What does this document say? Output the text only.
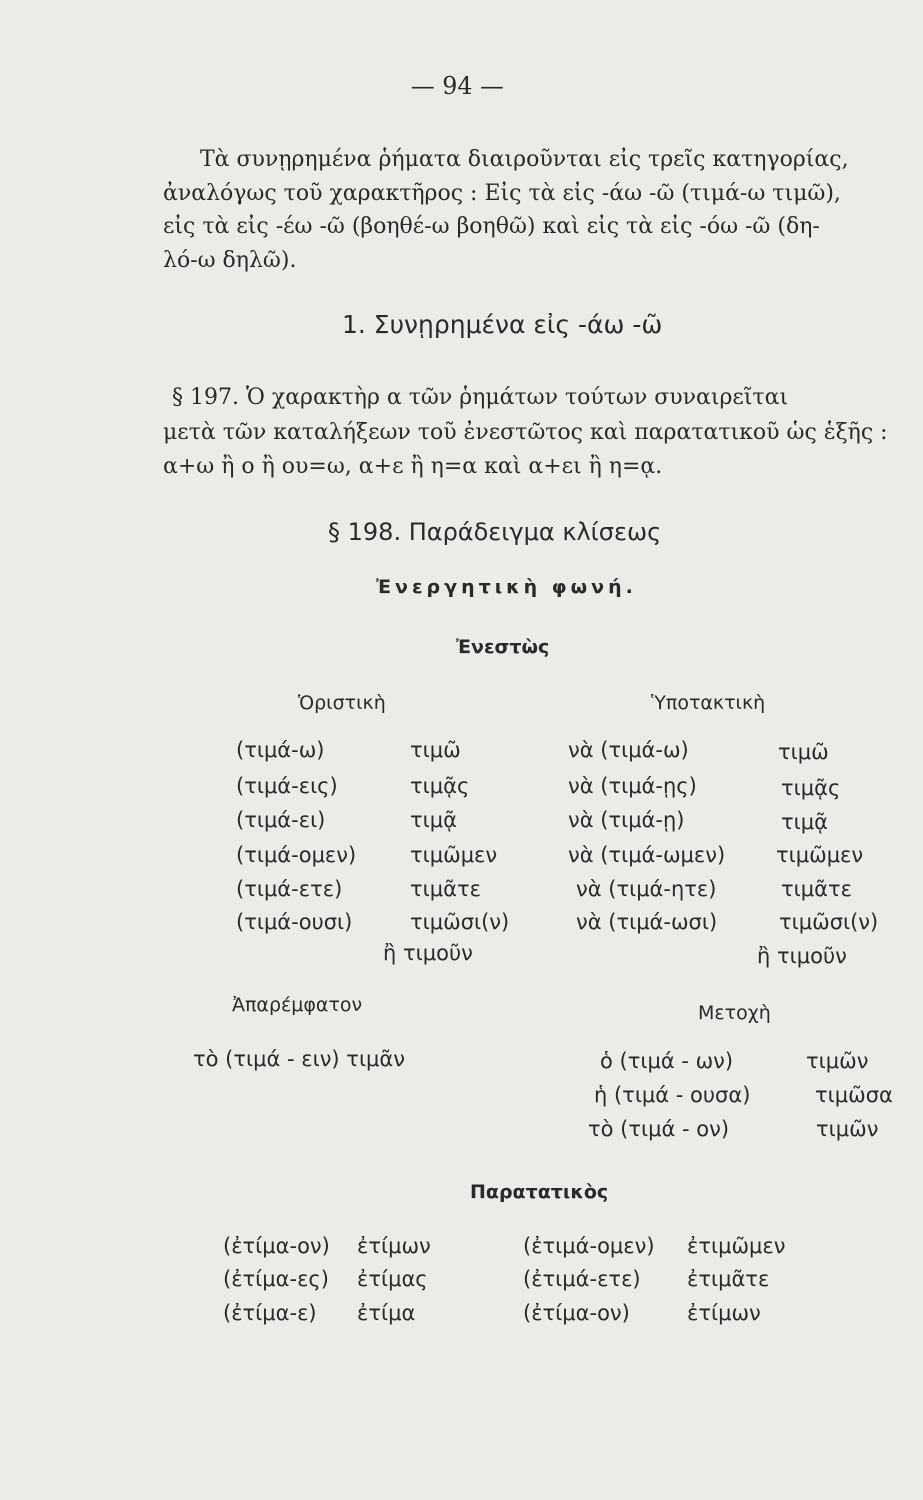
— 94 —
Τὰ συνῃρημένα ῥήματα διαιροῦνται εἰς τρεῖς κατηγορίας,
ἀναλόγως τοῦ χαρακτῆρος : Εἰς τὰ εἰς -άω -ῶ (τιμά-ω τιμῶ),
εἰς τὰ εἰς -έω -ῶ (βοηθέ-ω βοηθῶ) καὶ εἰς τὰ εἰς ‑όω ‑ῶ (δη-
λό-ω δηλῶ).
1. Συνῃρημένα εἰς -άω -ῶ
§ 197. Ὁ χαρακτὴρ α τῶν ῥημάτων τούτων συναιρεῖται
μετὰ τῶν καταλήξεων τοῦ ἐνεστῶτος καὶ παρατατικοῦ ὡς ἑξῆς :
α+ω ἢ ο ἢ ου=ω, α+ε ἢ η=α καὶ α+ει ἢ η=ᾳ.
§ 198. Παράδειγμα κλίσεως
Ἐνεργητικὴ φωνή.
Ἐνεστὼς
Ὁριστικὴ
(τιμά-ω)
(τιμά-εις)
(τιμά-ει)
(τιμά-ομεν)
(τιμά-ετε)
(τιμά-ουσι)
τιμῶ
τιμᾷς
τιμᾷ
τιμῶμεν
τιμᾶτε
τιμῶσι(ν)
ἢ τιμοῦν
Ὑποτακτικὴ
νὰ (τιμά-ω)
νὰ (τιμά-ῃς)
νὰ (τιμά-ῃ)
νὰ (τιμά-ωμεν)
νὰ (τιμά-ητε)
νὰ (τιμά-ωσι)
τιμῶ
τιμᾷς
τιμᾷ
τιμῶμεν
τιμᾶτε
τιμῶσι(ν)
ἢ τιμοῦν
Ἀπαρέμφατον
τὸ (τιμά - ειν) τιμᾶν
Μετοχὴ
ὁ (τιμά - ων)
ἡ (τιμά - ουσα)
τὸ (τιμά - ον)
τιμῶν
τιμῶσα
τιμῶν
Παρατατικὸς
(ἐτίμα-ον)
(ἐτίμα-ες)
(ἐτίμα-ε)
ἐτίμων
ἐτίμας
ἐτίμα
(ἐτιμά-ομεν)
(ἐτιμά-ετε)
(ἐτίμα-ον)
ἐτιμῶμεν
ἐτιμᾶτε
ἐτίμων
